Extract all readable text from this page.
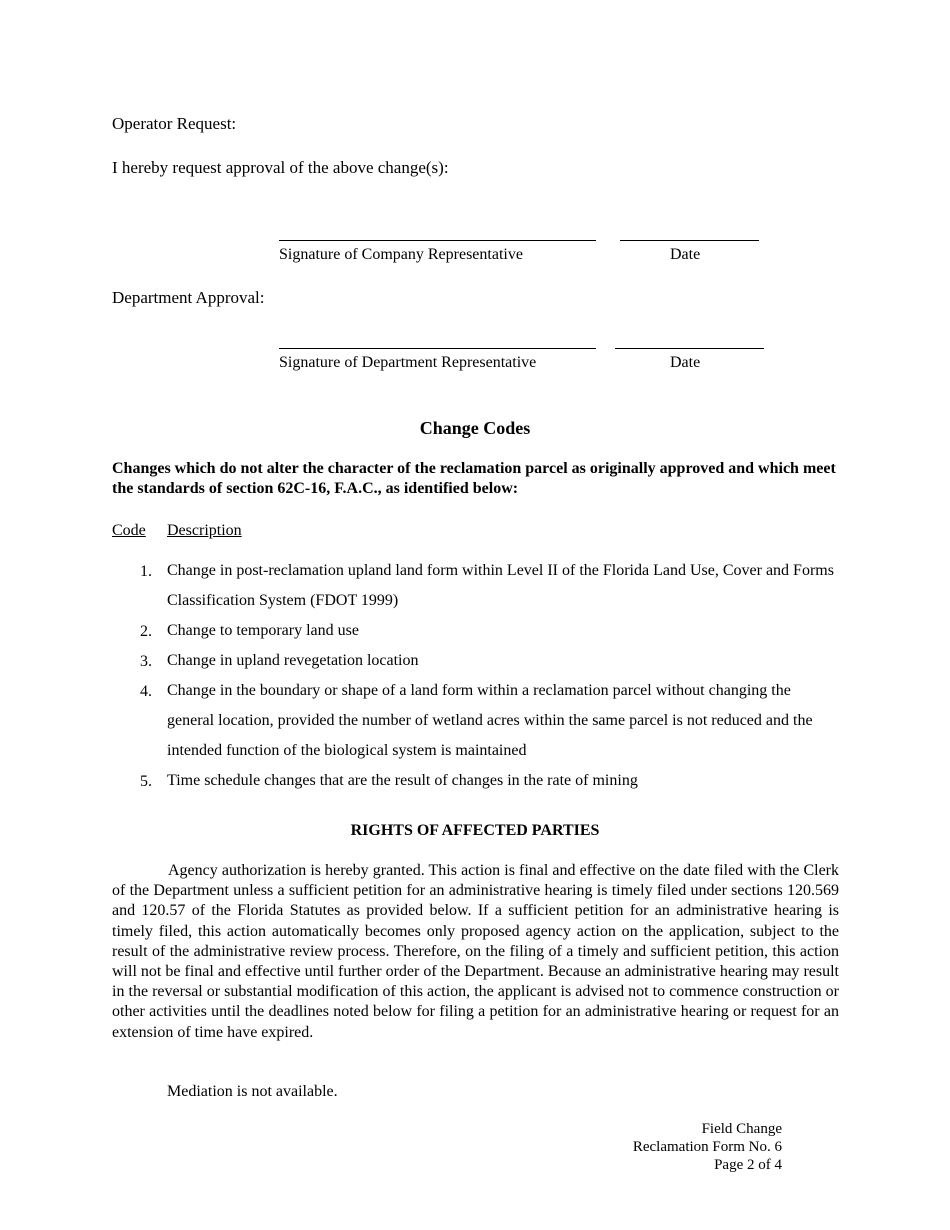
Operator Request:
I hereby request approval of the above change(s):
Signature of Company Representative	Date
Department Approval:
Signature of Department Representative	Date
Change Codes
Changes which do not alter the character of the reclamation parcel as originally approved and which meet the standards of section 62C-16, F.A.C., as identified below:
Code Description
1. Change in post-reclamation upland land form within Level II of the Florida Land Use, Cover and Forms Classification System (FDOT 1999)
2. Change to temporary land use
3. Change in upland revegetation location
4. Change in the boundary or shape of a land form within a reclamation parcel without changing the general location, provided the number of wetland acres within the same parcel is not reduced and the intended function of the biological system is maintained
5. Time schedule changes that are the result of changes in the rate of mining
RIGHTS OF AFFECTED PARTIES
Agency authorization is hereby granted. This action is final and effective on the date filed with the Clerk of the Department unless a sufficient petition for an administrative hearing is timely filed under sections 120.569 and 120.57 of the Florida Statutes as provided below. If a sufficient petition for an administrative hearing is timely filed, this action automatically becomes only proposed agency action on the application, subject to the result of the administrative review process. Therefore, on the filing of a timely and sufficient petition, this action will not be final and effective until further order of the Department. Because an administrative hearing may result in the reversal or substantial modification of this action, the applicant is advised not to commence construction or other activities until the deadlines noted below for filing a petition for an administrative hearing or request for an extension of time have expired.
Mediation is not available.
Field Change
Reclamation Form No. 6
Page 2 of 4
